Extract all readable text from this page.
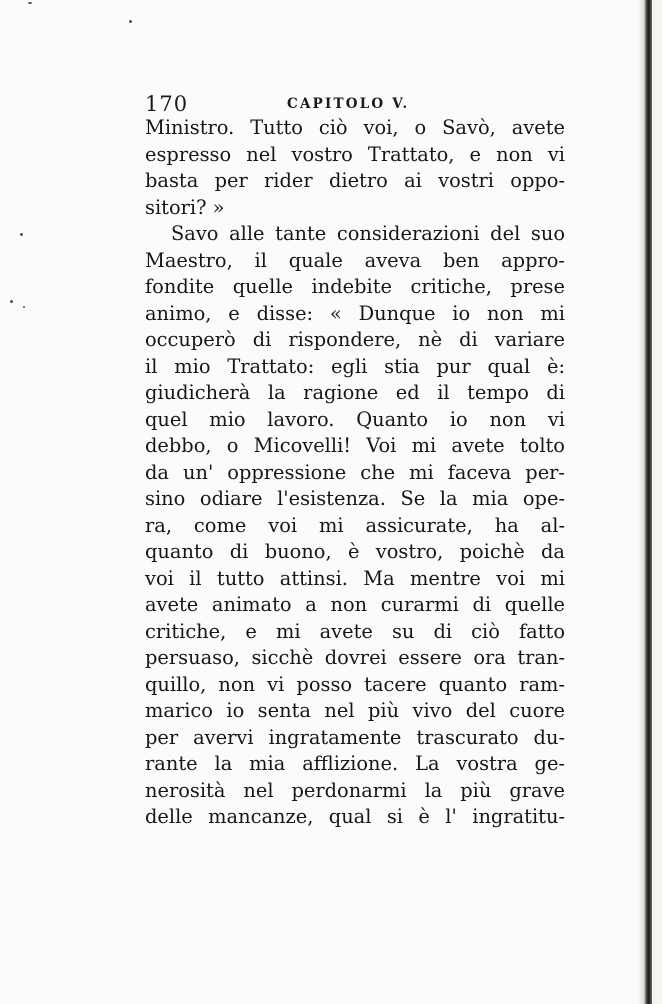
170	CAPITOLO V.
Ministro. Tutto ciò voi, o Savò, avete
espresso nel vostro Trattato, e non vi
basta per rider dietro ai vostri oppo-
sitori? »
Savo alle tante considerazioni del suo
Maestro, il quale aveva ben appro-
fondite quelle indebite critiche, prese
animo, e disse: « Dunque io non mi
occuperò di rispondere, nè di variare
il mio Trattato: egli stia pur qual è:
giudicherà la ragione ed il tempo di
quel mio lavoro. Quanto io non vi
debbo, o Micovelli! Voi mi avete tolto
da un' oppressione che mi faceva per-
sino odiare l'esistenza. Se la mia ope-
ra, come voi mi assicurate, ha al-
quanto di buono, è vostro, poichè da
voi il tutto attinsi. Ma mentre voi mi
avete animato a non curarmi di quelle
critiche, e mi avete su di ciò fatto
persuaso, sicchè dovrei essere ora tran-
quillo, non vi posso tacere quanto ram-
marico io senta nel più vivo del cuore
per avervi ingratamente trascurato du-
rante la mia afflizione. La vostra ge-
nerosità nel perdonarmi la più grave
delle mancanze, qual si è l' ingratitu-
